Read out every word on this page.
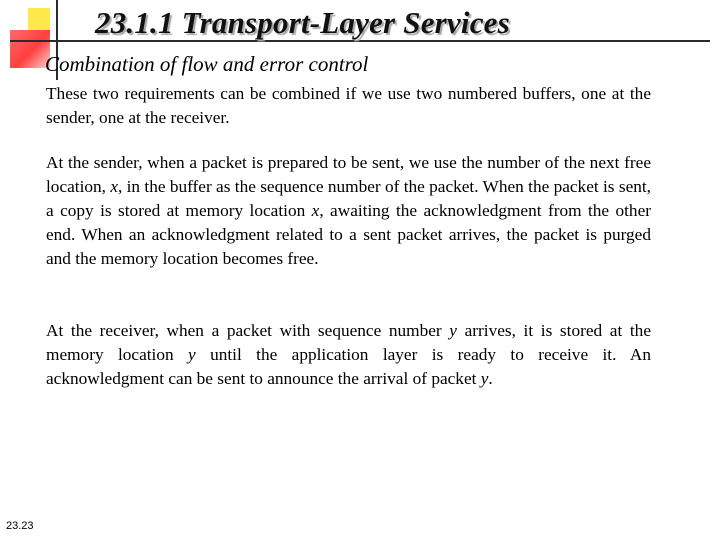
23.1.1 Transport-Layer Services
Combination of flow and error control
These two requirements can be combined if we use two numbered buffers, one at the sender, one at the receiver.
At the sender, when a packet is prepared to be sent, we use the number of the next free location, x, in the buffer as the sequence number of the packet. When the packet is sent, a copy is stored at memory location x, awaiting the acknowledgment from the other end. When an acknowledgment related to a sent packet arrives, the packet is purged and the memory location becomes free.
At the receiver, when a packet with sequence number y arrives, it is stored at the memory location y until the application layer is ready to receive it. An acknowledgment can be sent to announce the arrival of packet y.
23.23
